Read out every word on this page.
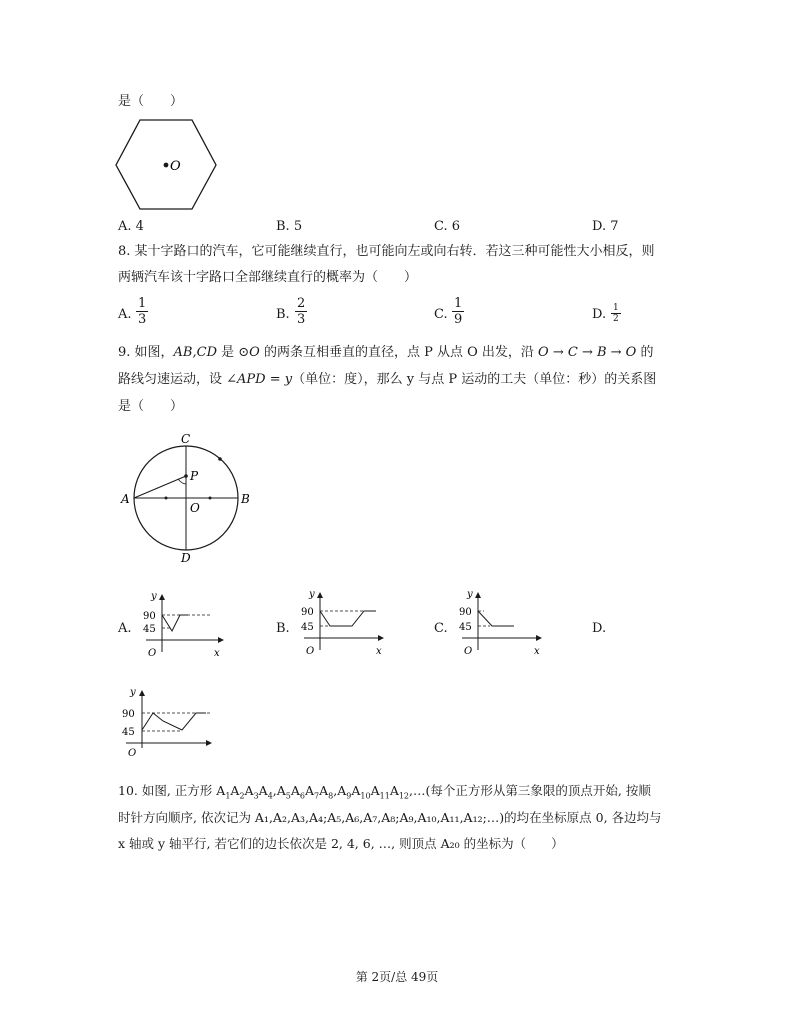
是（　　）
O
A. 4	B. 5	C. 6	D. 7
8. 某十字路口的汽车，它可能继续直行，也可能向左或向右转．若这三种可能性大小相反，则
两辆汽车该十字路口全部继续直行的概率为（　　）
A. $\frac{1}{3}$	B. $\frac{2}{3}$	C. $\frac{1}{9}$	D. $\frac{1}{2}$
9. 如图，AB,CD 是 ⊙O 的两条互相垂直的直径，点 P 从点 O 出发，沿 O → C → B → O 的
路线匀速运动，设 ∠APD = y（单位：度），那么 y 与点 P 运动的工夫（单位：秒）的关系图
是（　　）
C
P
A	B
O
D
A.
y
90
45
O	x
B.
y
90
45
O	x
C.
y
90
45
O	x
D.
y
90
45
O
10. 如图, 正方形 $A_1A_2A_3A_4,A_5A_6A_7A_8,A_9A_{10}A_{11}A_{12},\dots$(每个正方形从第三象限的顶点开始, 按顺
时针方向顺序, 依次记为 A₁,A₂,A₃,A₄;A₅,A₆,A₇,A₈;A₉,A₁₀,A₁₁,A₁₂;…)的均在坐标原点 0, 各边均与
x 轴或 y 轴平行, 若它们的边长依次是 2, 4, 6, …, 则顶点 A₂₀ 的坐标为（　　）
第 2页/总 49页
